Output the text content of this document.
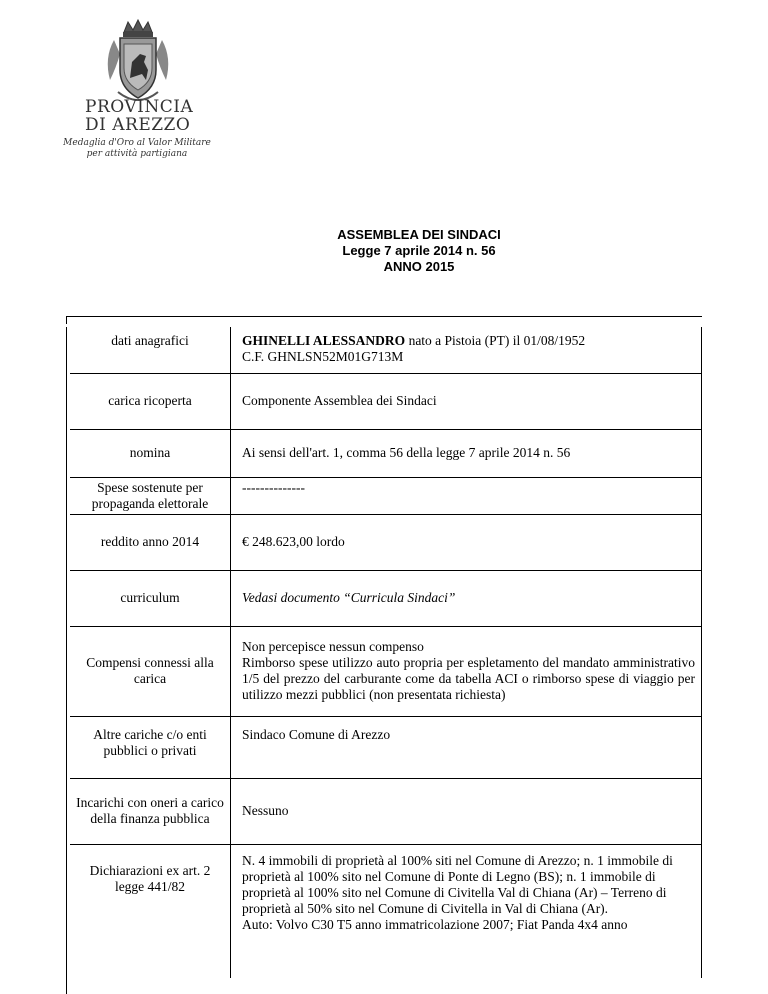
PROVINCIA
DI AREZZO
Medaglia d'Oro al Valor Militare
per attività partigiana
ASSEMBLEA DEI SINDACI
Legge 7 aprile 2014 n. 56
ANNO 2015
dati anagrafici	GHINELLI ALESSANDRO nato a Pistoia (PT) il 01/08/1952
C.F. GHNLSN52M01G713M
carica ricoperta	Componente Assemblea dei Sindaci
nomina	Ai sensi dell'art. 1, comma 56 della legge 7 aprile 2014 n. 56
Spese sostenute per propaganda elettorale	--------------
reddito anno 2014	€ 248.623,00 lordo
curriculum	Vedasi documento “Curricula Sindaci”
Compensi connessi alla carica	Non percepisce nessun compenso
Rimborso spese utilizzo auto propria per espletamento del mandato amministrativo 1/5 del prezzo del carburante come da tabella ACI o rimborso spese di viaggio per utilizzo mezzi pubblici (non presentata richiesta)

Altre cariche c/o enti pubblici o privati	Sindaco Comune di Arezzo

Incarichi con oneri a carico
della finanza pubblica	Nessuno
Dichiarazioni ex art. 2 legge 441/82	N. 4 immobili di proprietà al 100% siti nel Comune di Arezzo; n. 1 immobile di proprietà al 100% sito nel Comune di Ponte di Legno (BS); n. 1 immobile di proprietà al 100% sito nel Comune di Civitella Val di Chiana (Ar) – Terreno di proprietà al 50% sito nel Comune di Civitella in Val di Chiana (Ar).
Auto: Volvo C30 T5 anno immatricolazione 2007; Fiat Panda 4x4 anno
